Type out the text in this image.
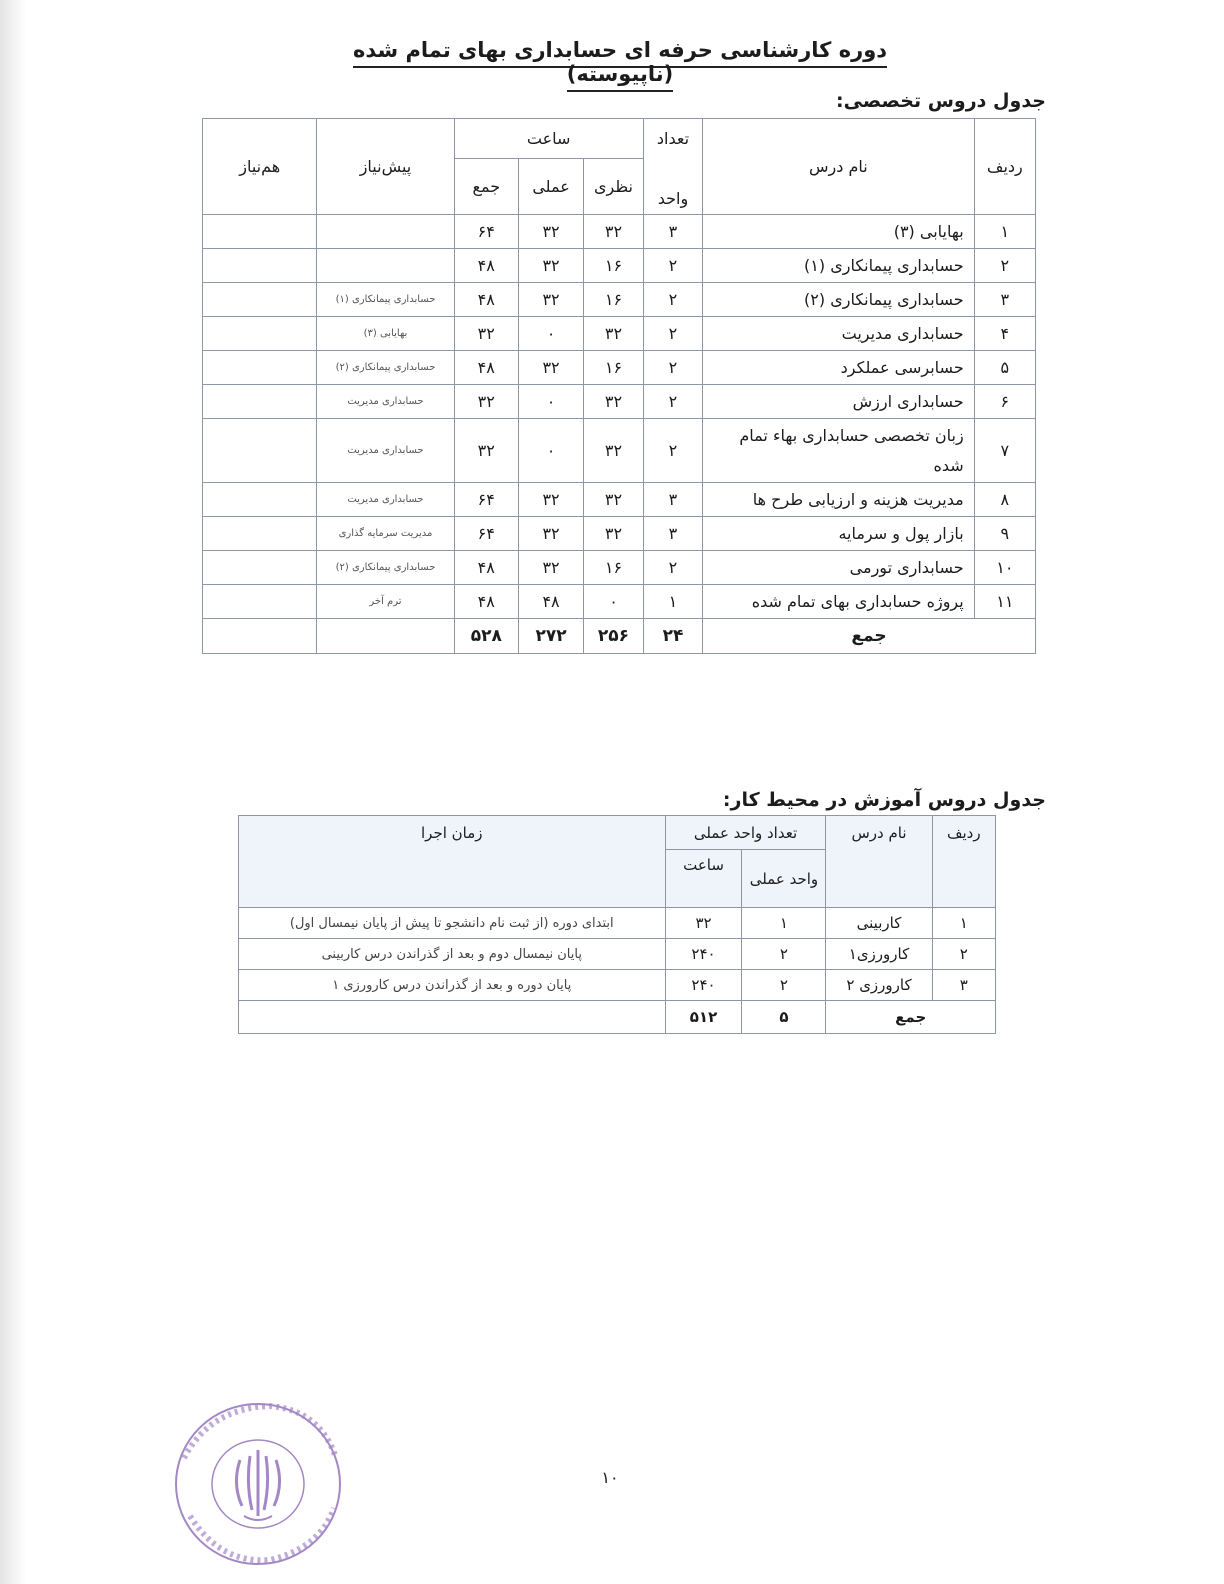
دوره کارشناسی حرفه ای حسابداری بهای تمام شده (ناپیوسته)
جدول دروس تخصصی:
ردیف	نام درس	تعداد	ساعت			پیش‌نیاز	هم‌نیاز
		واحد	نظری	عملی	جمع		
۱	بهایابی (۳)	۳	۳۲	۳۲	۶۴		
۲	حسابداری پیمانکاری (۱)	۲	۱۶	۳۲	۴۸		
۳	حسابداری پیمانکاری (۲)	۲	۱۶	۳۲	۴۸	حسابداری پیمانکاری (۱)	
۴	حسابداری مدیریت	۲	۳۲	۰	۳۲	بهایابی (۳)	
۵	حسابرسی عملکرد	۲	۱۶	۳۲	۴۸	حسابداری پیمانکاری (۲)	
۶	حسابداری ارزش	۲	۳۲	۰	۳۲	حسابداری مدیریت	
۷	زبان تخصصی حسابداری بهاء تمام شده	۲	۳۲	۰	۳۲	حسابداری مدیریت	
۸	مدیریت هزینه و ارزیابی طرح ها	۳	۳۲	۳۲	۶۴	حسابداری مدیریت	
۹	بازار پول و سرمایه	۳	۳۲	۳۲	۶۴	مدیریت سرمایه گذاری	
۱۰	حسابداری تورمی	۲	۱۶	۳۲	۴۸	حسابداری پیمانکاری (۲)	
۱۱	پروژه حسابداری بهای تمام شده	۱	۰	۴۸	۴۸	ترم آخر	
جمع		۲۴	۲۵۶	۲۷۲	۵۲۸		
جدول دروس آموزش در محیط کار:
ردیف	نام درس	تعداد واحد عملی		زمان اجرا
		واحد عملی	ساعت	
۱	کاربینی	۱	۳۲	ابتدای دوره (از ثبت نام دانشجو تا پیش از پایان نیمسال اول)
۲	کارورزی۱	۲	۲۴۰	پایان نیمسال دوم و بعد از گذراندن درس کاربینی
۳	کارورزی ۲	۲	۲۴۰	پایان دوره و بعد از گذراندن درس کارورزی ۱
جمع		۵	۵۱۲	
۱۰
